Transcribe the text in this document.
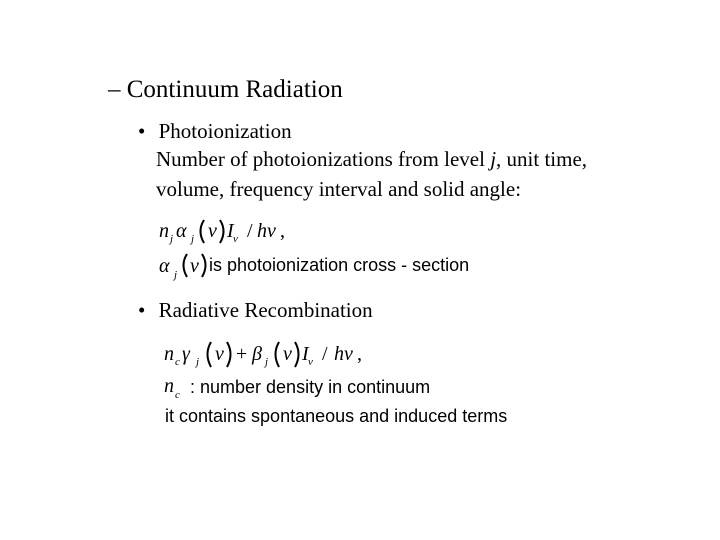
– Continuum Radiation
• Photoionization
Number of photoionizations from level j, unit time,
volume, frequency interval and solid angle:
n j α j ν I ν / hν ,
α j ν is photoionization cross - section
• Radiative Recombination
n c γ j ν + β j ν I ν / hν ,
n c : number density in continuum
it contains spontaneous and induced terms
